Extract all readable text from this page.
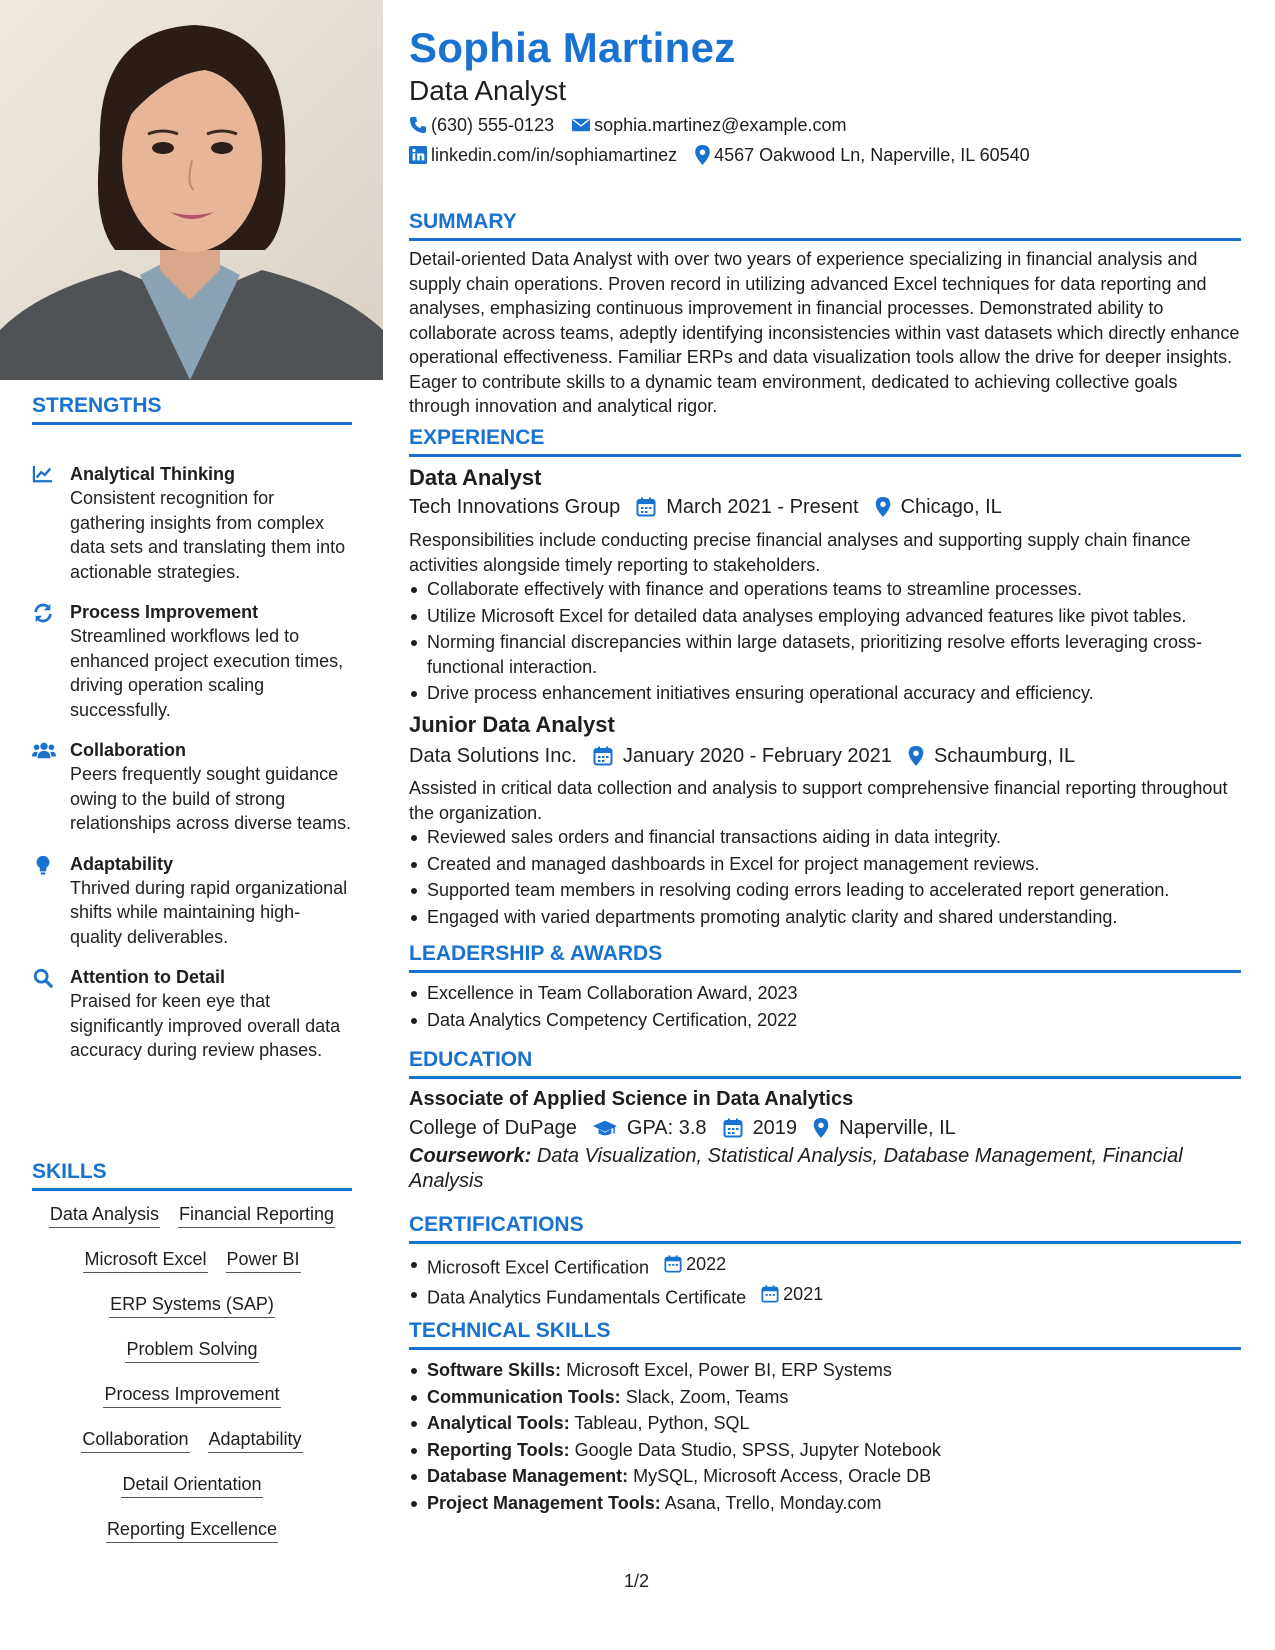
STRENGTHS
Analytical Thinking
Consistent recognition for gathering insights from complex data sets and translating them into actionable strategies.
Process Improvement
Streamlined workflows led to enhanced project execution times, driving operation scaling successfully.
Collaboration
Peers frequently sought guidance owing to the build of strong relationships across diverse teams.
Adaptability
Thrived during rapid organizational shifts while maintaining high-quality deliverables.
Attention to Detail
Praised for keen eye that significantly improved overall data accuracy during review phases.
SKILLS
Data Analysis Financial Reporting
Microsoft Excel Power BI
ERP Systems (SAP)
Problem Solving
Process Improvement
Collaboration Adaptability
Detail Orientation
Reporting Excellence
Sophia Martinez
Data Analyst
(630) 555-0123 sophia.martinez@example.com
linkedin.com/in/sophiamartinez 4567 Oakwood Ln, Naperville, IL 60540
SUMMARY
Detail-oriented Data Analyst with over two years of experience specializing in financial analysis and supply chain operations. Proven record in utilizing advanced Excel techniques for data reporting and analyses, emphasizing continuous improvement in financial processes. Demonstrated ability to collaborate across teams, adeptly identifying inconsistencies within vast datasets which directly enhance operational effectiveness. Familiar ERPs and data visualization tools allow the drive for deeper insights. Eager to contribute skills to a dynamic team environment, dedicated to achieving collective goals through innovation and analytical rigor.
EXPERIENCE
Data Analyst
Tech Innovations Group March 2021 - Present Chicago, IL
Responsibilities include conducting precise financial analyses and supporting supply chain finance activities alongside timely reporting to stakeholders.
Collaborate effectively with finance and operations teams to streamline processes.
Utilize Microsoft Excel for detailed data analyses employing advanced features like pivot tables.
Norming financial discrepancies within large datasets, prioritizing resolve efforts leveraging cross-functional interaction.
Drive process enhancement initiatives ensuring operational accuracy and efficiency.
Junior Data Analyst
Data Solutions Inc. January 2020 - February 2021 Schaumburg, IL
Assisted in critical data collection and analysis to support comprehensive financial reporting throughout the organization.
Reviewed sales orders and financial transactions aiding in data integrity.
Created and managed dashboards in Excel for project management reviews.
Supported team members in resolving coding errors leading to accelerated report generation.
Engaged with varied departments promoting analytic clarity and shared understanding.
LEADERSHIP & AWARDS
Excellence in Team Collaboration Award, 2023
Data Analytics Competency Certification, 2022
EDUCATION
Associate of Applied Science in Data Analytics
College of DuPage	GPA: 3.8 2019 Naperville, IL
Coursework: Data Visualization, Statistical Analysis, Database Management, Financial Analysis
CERTIFICATIONS
Microsoft Excel Certification 2022
Data Analytics Fundamentals Certificate 2021
TECHNICAL SKILLS
Software Skills: Microsoft Excel, Power BI, ERP Systems
Communication Tools: Slack, Zoom, Teams
Analytical Tools: Tableau, Python, SQL
Reporting Tools: Google Data Studio, SPSS, Jupyter Notebook
Database Management: MySQL, Microsoft Access, Oracle DB
Project Management Tools: Asana, Trello, Monday.com
1/2
